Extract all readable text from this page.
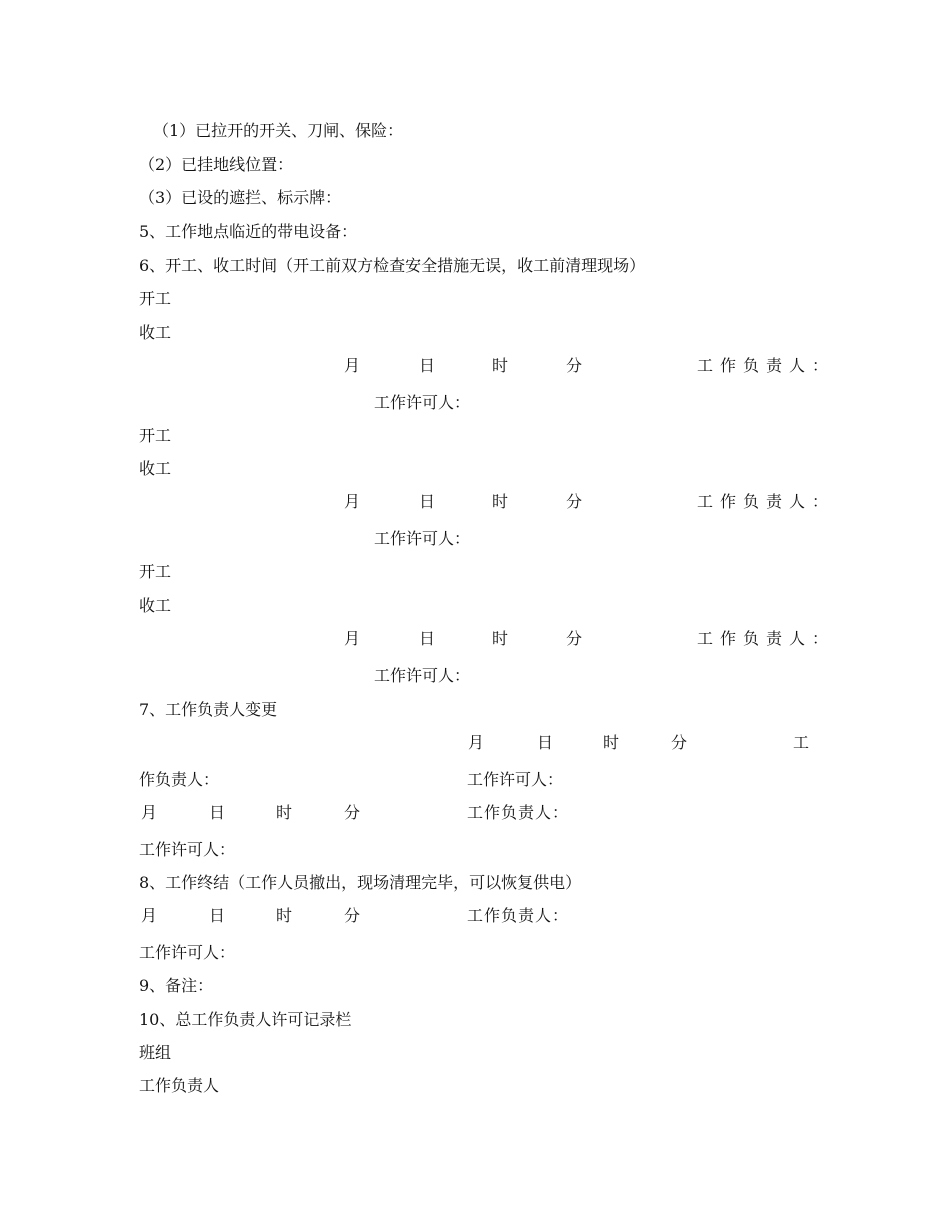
（1）已拉开的开关、刀闸、保险：
（2）已挂地线位置：
（3）已设的遮拦、标示牌：
5、工作地点临近的带电设备：
6、开工、收工时间（开工前双方检查安全措施无误，收工前清理现场）
开工
收工
月	日	时	分	工作负责人：
工作许可人：
开工
收工
月	日	时	分	工作负责人：
工作许可人：
开工
收工
月	日	时	分	工作负责人：
工作许可人：
7、工作负责人变更
月	日	时	分	工
作负责人：	工作许可人：
月	日	时	分	工作负责人：
工作许可人：
8、工作终结（工作人员撤出，现场清理完毕，可以恢复供电）
月	日	时	分	工作负责人：
工作许可人：
9、备注：
10、总工作负责人许可记录栏
班组
工作负责人
